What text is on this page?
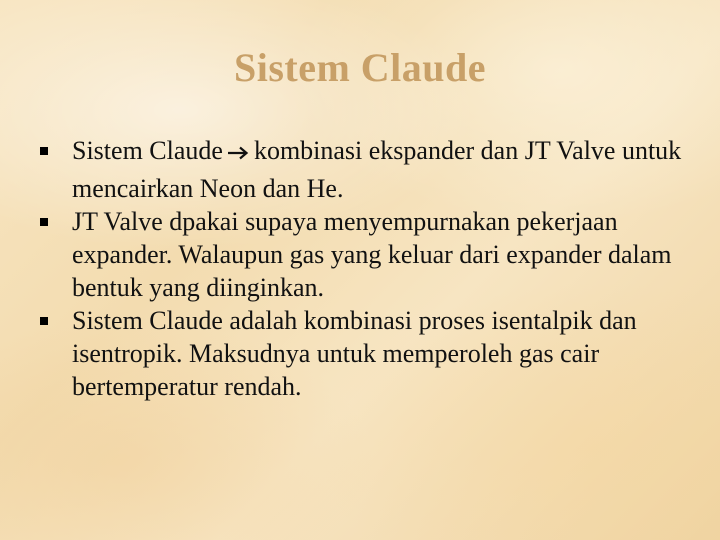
Sistem Claude
Sistem Claude kombinasi ekspander dan JT Valve untuk mencairkan Neon dan He.
JT Valve dpakai supaya menyempurnakan pekerjaan expander. Walaupun gas yang keluar dari expander dalam bentuk yang diinginkan.
Sistem Claude adalah kombinasi proses isentalpik dan isentropik. Maksudnya untuk memperoleh gas cair bertemperatur rendah.
